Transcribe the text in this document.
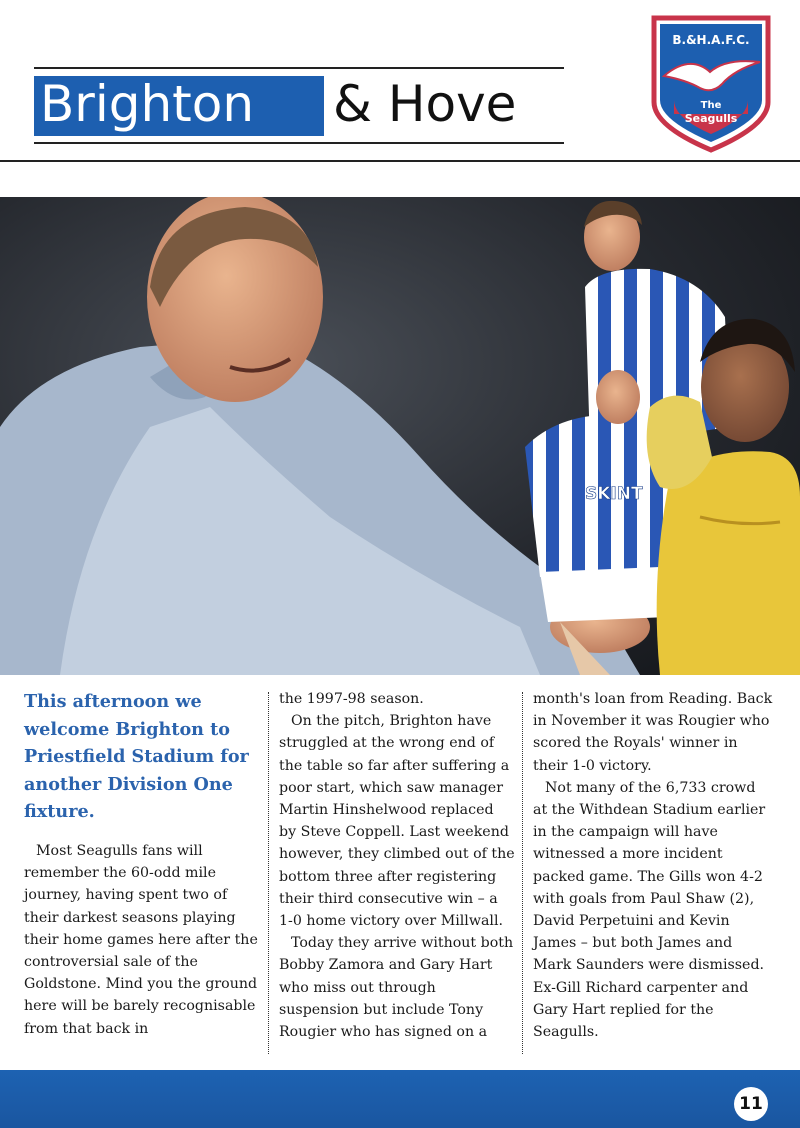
Brighton & Hove
B.&H.A.F.C.
The
Seagulls
SKINT

This afternoon we welcome Brighton to Priestfield Stadium for another Division One fixture.

Most Seagulls fans will remember the 60-odd mile journey, having spent two of their darkest seasons playing their home games here after the controversial sale of the Goldstone. Mind you the ground here will be barely recognisable from that back in

the 1997-98 season.

On the pitch, Brighton have struggled at the wrong end of the table so far after suffering a poor start, which saw manager Martin Hinshelwood replaced by Steve Coppell. Last weekend however, they climbed out of the bottom three after registering their third consecutive win – a 1-0 home victory over Millwall.

Today they arrive without both Bobby Zamora and Gary Hart who miss out through suspension but include Tony Rougier who has signed on a

month's loan from Reading. Back in November it was Rougier who scored the Royals' winner in their 1-0 victory.

Not many of the 6,733 crowd at the Withdean Stadium earlier in the campaign will have witnessed a more incident packed game. The Gills won 4-2 with goals from Paul Shaw (2), David Perpetuini and Kevin James – but both James and Mark Saunders were dismissed. Ex-Gill Richard carpenter and Gary Hart replied for the Seagulls.

11
